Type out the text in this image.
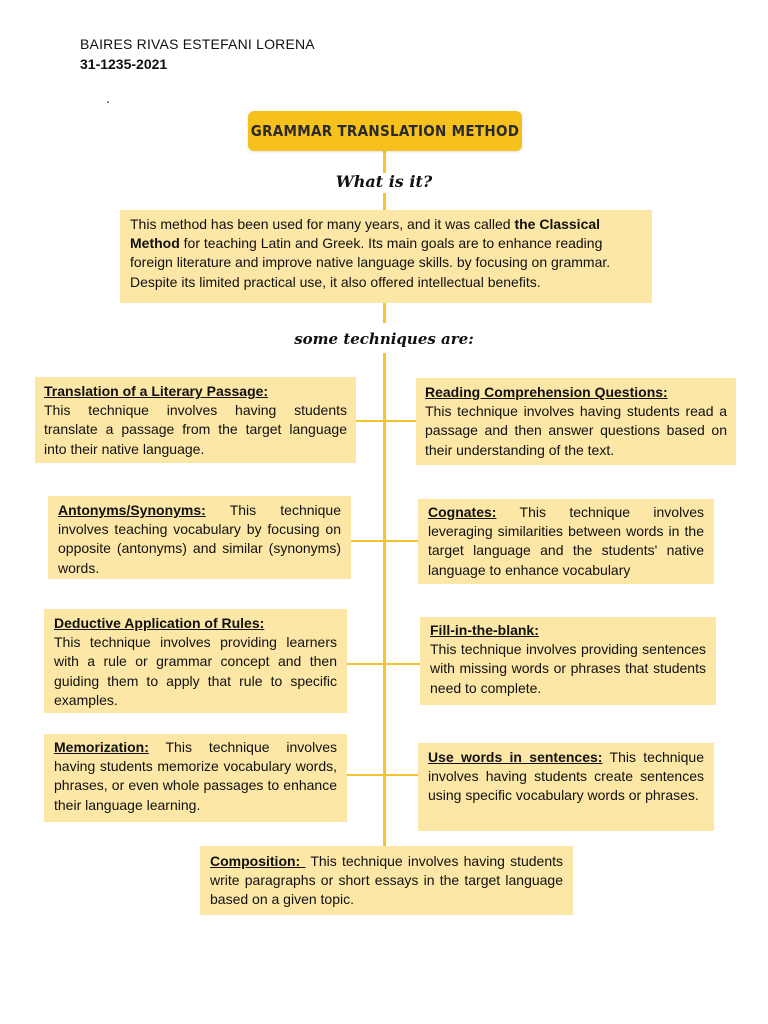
BAIRES RIVAS ESTEFANI LORENA
31-1235-2021
.
GRAMMAR TRANSLATION METHOD
What is it?
This method has been used for many years, and it was called the Classical Method for teaching Latin and Greek. Its main goals are to enhance reading foreign literature and improve native language skills. by focusing on grammar. Despite its limited practical use, it also offered intellectual benefits.
some techniques are:
Translation of a Literary Passage:
This technique involves having students translate a passage from the target language into their native language.
Antonyms/Synonyms: This technique involves teaching vocabulary by focusing on opposite (antonyms) and similar (synonyms) words.
Deductive Application of Rules:
This technique involves providing learners with a rule or grammar concept and then guiding them to apply that rule to specific examples.
Memorization: This technique involves having students memorize vocabulary words, phrases, or even whole passages to enhance their language learning.
Reading Comprehension Questions:
This technique involves having students read a passage and then answer questions based on their understanding of the text.
Cognates: This technique involves leveraging similarities between words in the target language and the students' native language to enhance vocabulary
Fill-in-the-blank:
This technique involves providing sentences with missing words or phrases that students need to complete.
Use words in sentences: This technique involves having students create sentences using specific vocabulary words or phrases.
Composition:  This technique involves having students write paragraphs or short essays in the target language based on a given topic.
